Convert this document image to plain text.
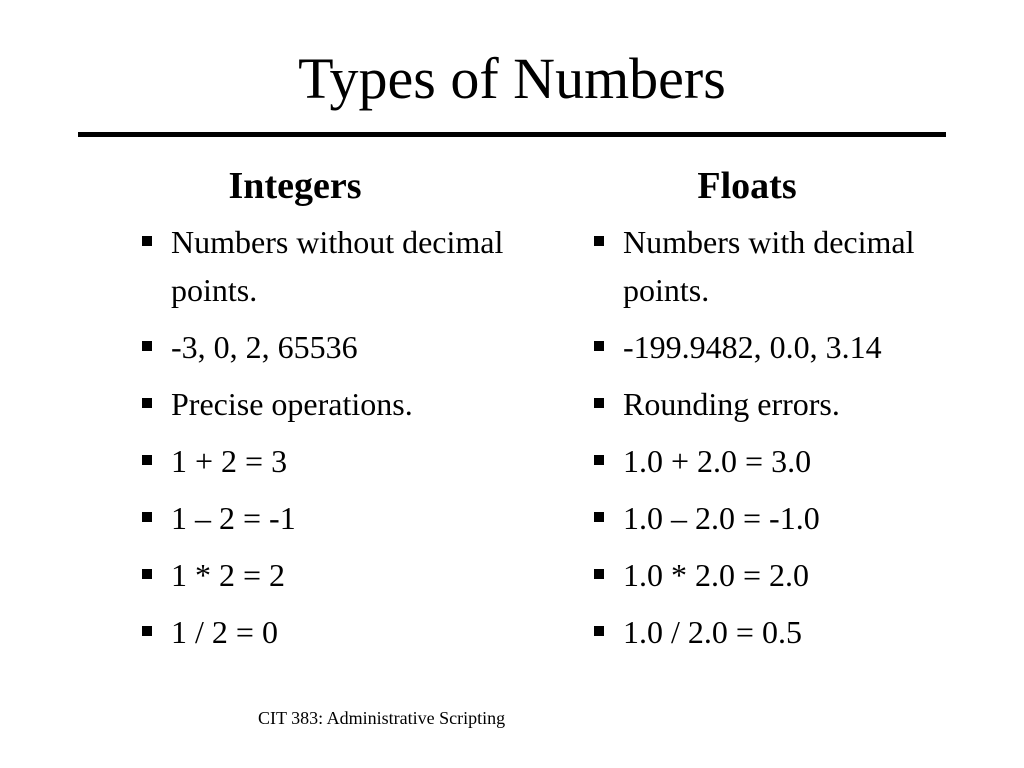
Types of Numbers
Integers
Numbers without decimal points.
-3, 0, 2, 65536
Precise operations.
1 + 2 = 3
1 – 2 = -1
1 * 2 = 2
1 / 2 = 0
Floats
Numbers with decimal points.
-199.9482, 0.0, 3.14
Rounding errors.
1.0 + 2.0 = 3.0
1.0 – 2.0 = -1.0
1.0 * 2.0 = 2.0
1.0 / 2.0 = 0.5
CIT 383: Administrative Scripting
